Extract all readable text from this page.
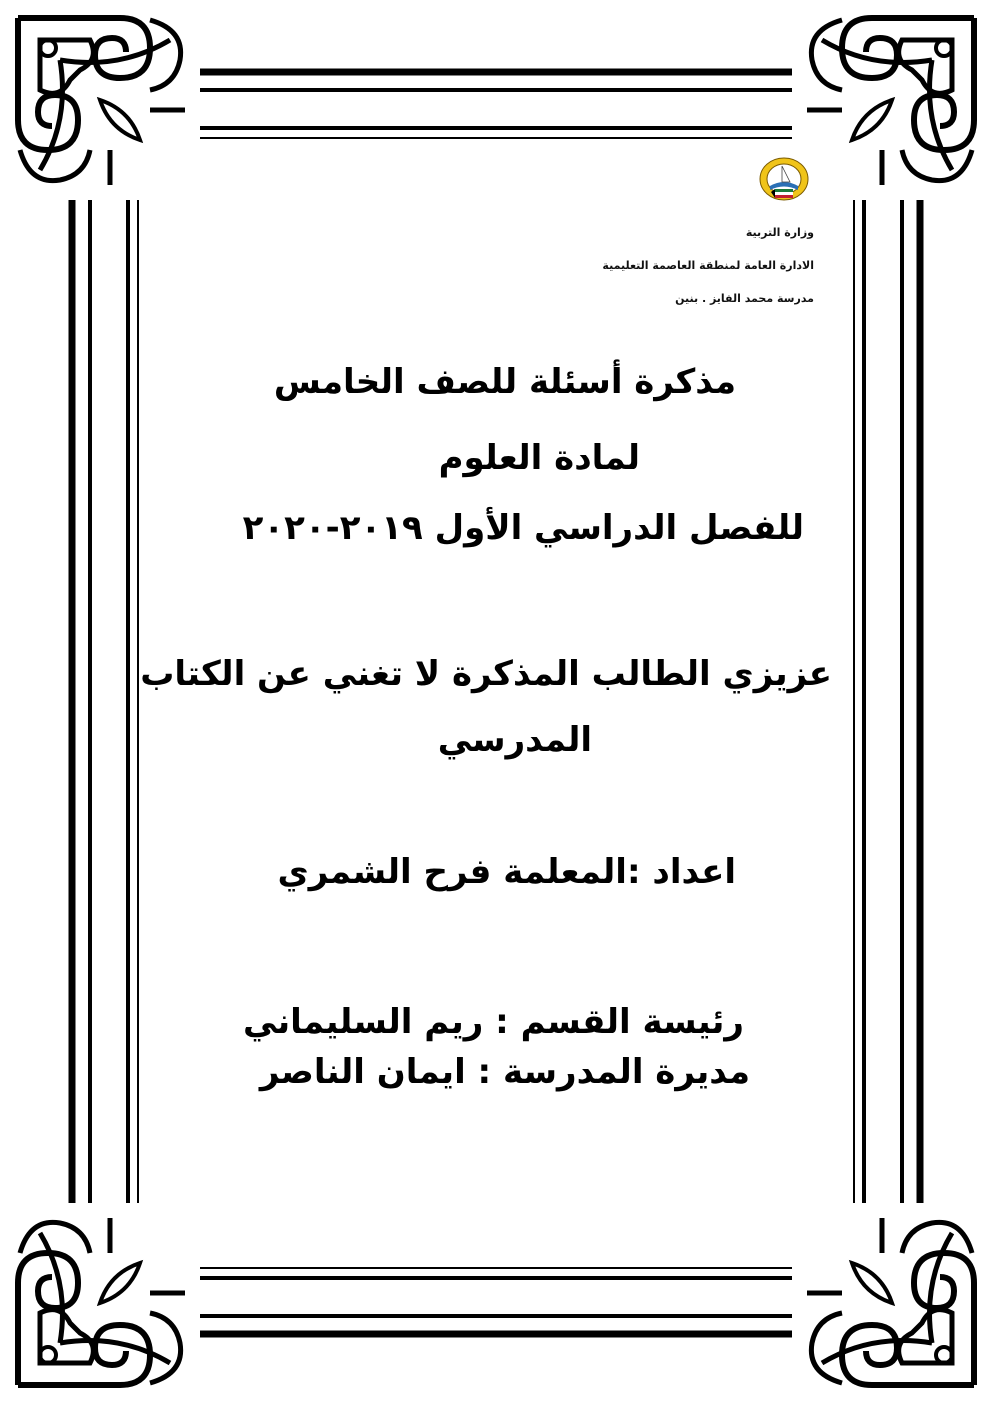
وزارة التربية
الادارة العامة لمنطقة العاصمة التعليمية
مدرسة محمد الفايز . بنين
مذكرة أسئلة للصف الخامس
لمادة العلوم
للفصل الدراسي الأول ٢٠١٩-٢٠٢٠
عزيزي الطالب المذكرة لا تغني عن الكتاب
المدرسي
اعداد :المعلمة فرح الشمري
رئيسة القسم : ريم السليماني
مديرة المدرسة : ايمان الناصر
